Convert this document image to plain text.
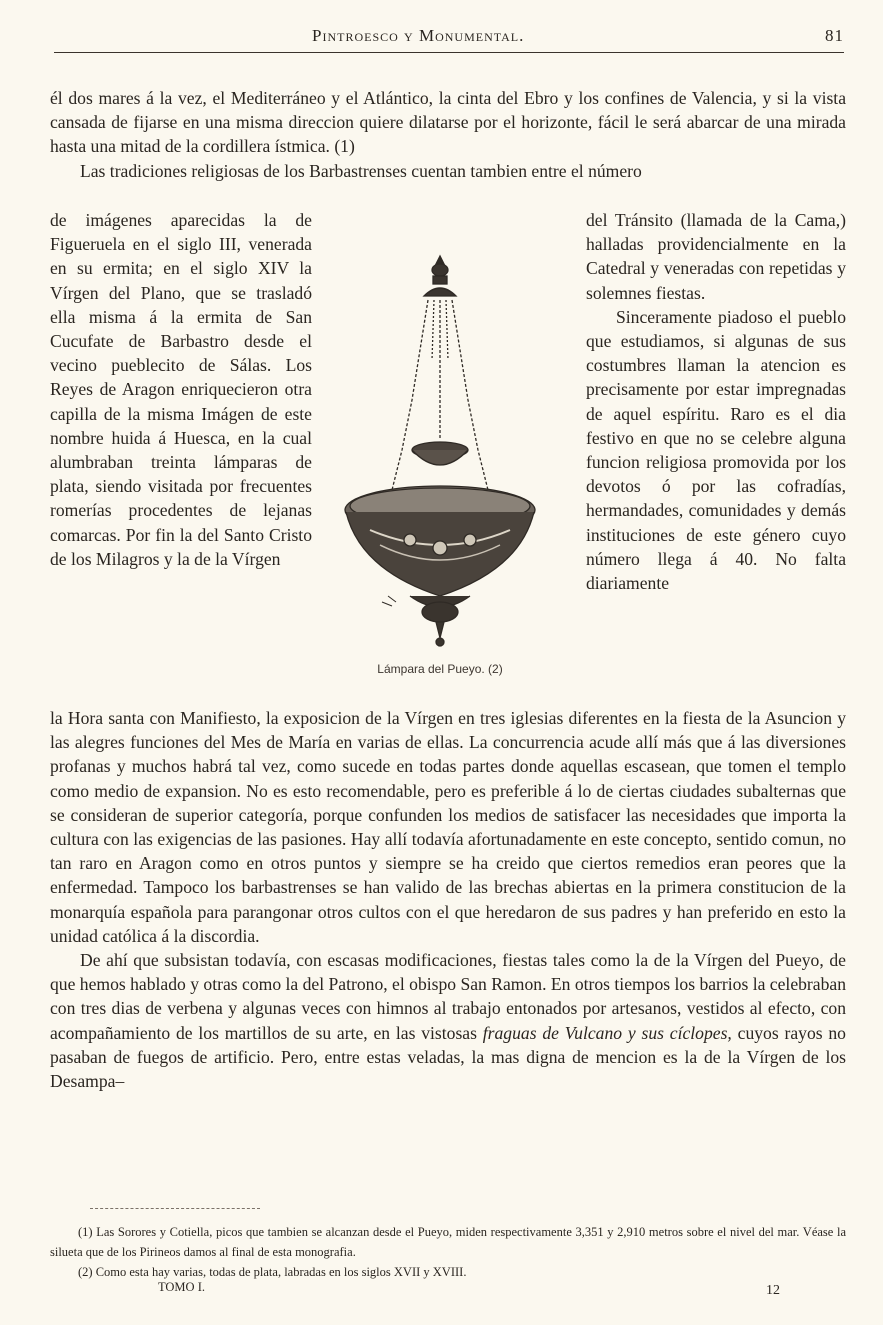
Pintroesco y Monumental.	81

él dos mares á la vez, el Mediterráneo y el Atlántico, la cinta del Ebro y los confines de Valencia, y si la vista cansada de fijarse en una misma direccion quiere dilatarse por el horizonte, fácil le será abarcar de una mirada hasta una mitad de la cordillera ístmica. (1)

Las tradiciones religiosas de los Barbastrenses cuentan tambien entre el número

de imágenes aparecidas la de Figueruela en el siglo III, venerada en su ermita; en el siglo XIV la Vírgen del Plano, que se trasladó ella misma á la ermita de San Cucufate de Barbastro desde el vecino pueblecito de Sálas. Los Reyes de Aragon enriquecieron otra capilla de la misma Imágen de este nombre huida á Huesca, en la cual alumbraban treinta lámparas de plata, siendo visitada por frecuentes romerías procedentes de lejanas comarcas. Por fin la del Santo Cristo de los Milagros y la de la Vírgen

Lámpara del Pueyo. (2)

del Tránsito (llamada de la Cama,) halladas providencialmente en la Catedral y veneradas con repetidas y solemnes fiestas.

Sinceramente piadoso el pueblo que estudiamos, si algunas de sus costumbres llaman la atencion es precisamente por estar impregnadas de aquel espíritu. Raro es el dia festivo en que no se celebre alguna funcion religiosa promovida por los devotos ó por las cofradías, hermandades, comunidades y demás instituciones de este género cuyo número llega á 40. No falta diariamente

la Hora santa con Manifiesto, la exposicion de la Vírgen en tres iglesias diferentes en la fiesta de la Asuncion y las alegres funciones del Mes de María en varias de ellas. La concurrencia acude allí más que á las diversiones profanas y muchos habrá tal vez, como sucede en todas partes donde aquellas escasean, que tomen el templo como medio de expansion. No es esto recomendable, pero es preferible á lo de ciertas ciudades subalternas que se consideran de superior categoría, porque confunden los medios de satisfacer las necesidades que importa la cultura con las exigencias de las pasiones. Hay allí todavía afortunadamente en este concepto, sentido comun, no tan raro en Aragon como en otros puntos y siempre se ha creido que ciertos remedios eran peores que la enfermedad. Tampoco los barbastrenses se han valido de las brechas abiertas en la primera constitucion de la monarquía española para parangonar otros cultos con el que heredaron de sus padres y han preferido en esto la unidad católica á la discordia.

De ahí que subsistan todavía, con escasas modificaciones, fiestas tales como la de la Vírgen del Pueyo, de que hemos hablado y otras como la del Patrono, el obispo San Ramon. En otros tiempos los barrios la celebraban con tres dias de verbena y algunas veces con himnos al trabajo entonados por artesanos, vestidos al efecto, con acompañamiento de los martillos de su arte, en las vistosas fraguas de Vulcano y sus cíclopes, cuyos rayos no pasaban de fuegos de artificio. Pero, entre estas veladas, la mas digna de mencion es la de la Vírgen de los Desampa–

(1) Las Sorores y Cotiella, picos que tambien se alcanzan desde el Pueyo, miden respectivamente 3,351 y 2,910 metros sobre el nivel del mar. Véase la silueta que de los Pirineos damos al final de esta monografia.

(2) Como esta hay varias, todas de plata, labradas en los siglos XVII y XVIII.

TOMO I.	12
